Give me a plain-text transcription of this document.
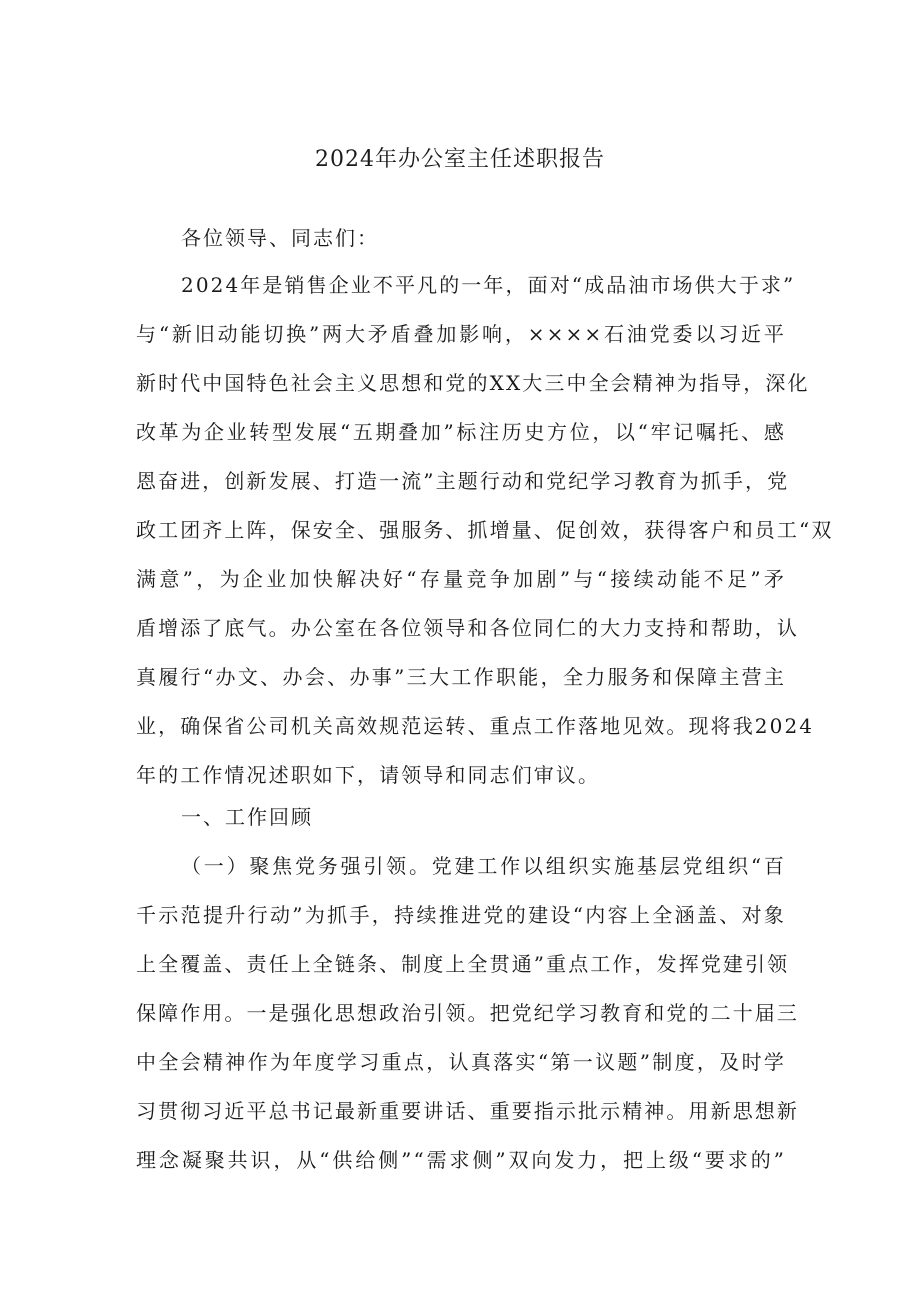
2024年办公室主任述职报告
各位领导、同志们：
2024年是销售企业不平凡的一年，面对“成品油市场供大于求”
与“新旧动能切换”两大矛盾叠加影响，××××石油党委以习近平
新时代中国特色社会主义思想和党的XX大三中全会精神为指导，深化
改革为企业转型发展“五期叠加”标注历史方位，以“牢记嘱托、感
恩奋进，创新发展、打造一流”主题行动和党纪学习教育为抓手，党
政工团齐上阵，保安全、强服务、抓增量、促创效，获得客户和员工“双
满意”，为企业加快解决好“存量竞争加剧”与“接续动能不足”矛
盾增添了底气。办公室在各位领导和各位同仁的大力支持和帮助，认
真履行“办文、办会、办事”三大工作职能，全力服务和保障主营主
业，确保省公司机关高效规范运转、重点工作落地见效。现将我2024
年的工作情况述职如下，请领导和同志们审议。
一、工作回顾
（一）聚焦党务强引领。党建工作以组织实施基层党组织“百
千示范提升行动”为抓手，持续推进党的建设“内容上全涵盖、对象
上全覆盖、责任上全链条、制度上全贯通”重点工作，发挥党建引领
保障作用。一是强化思想政治引领。把党纪学习教育和党的二十届三
中全会精神作为年度学习重点，认真落实“第一议题”制度，及时学
习贯彻习近平总书记最新重要讲话、重要指示批示精神。用新思想新
理念凝聚共识，从“供给侧”“需求侧”双向发力，把上级“要求的”
